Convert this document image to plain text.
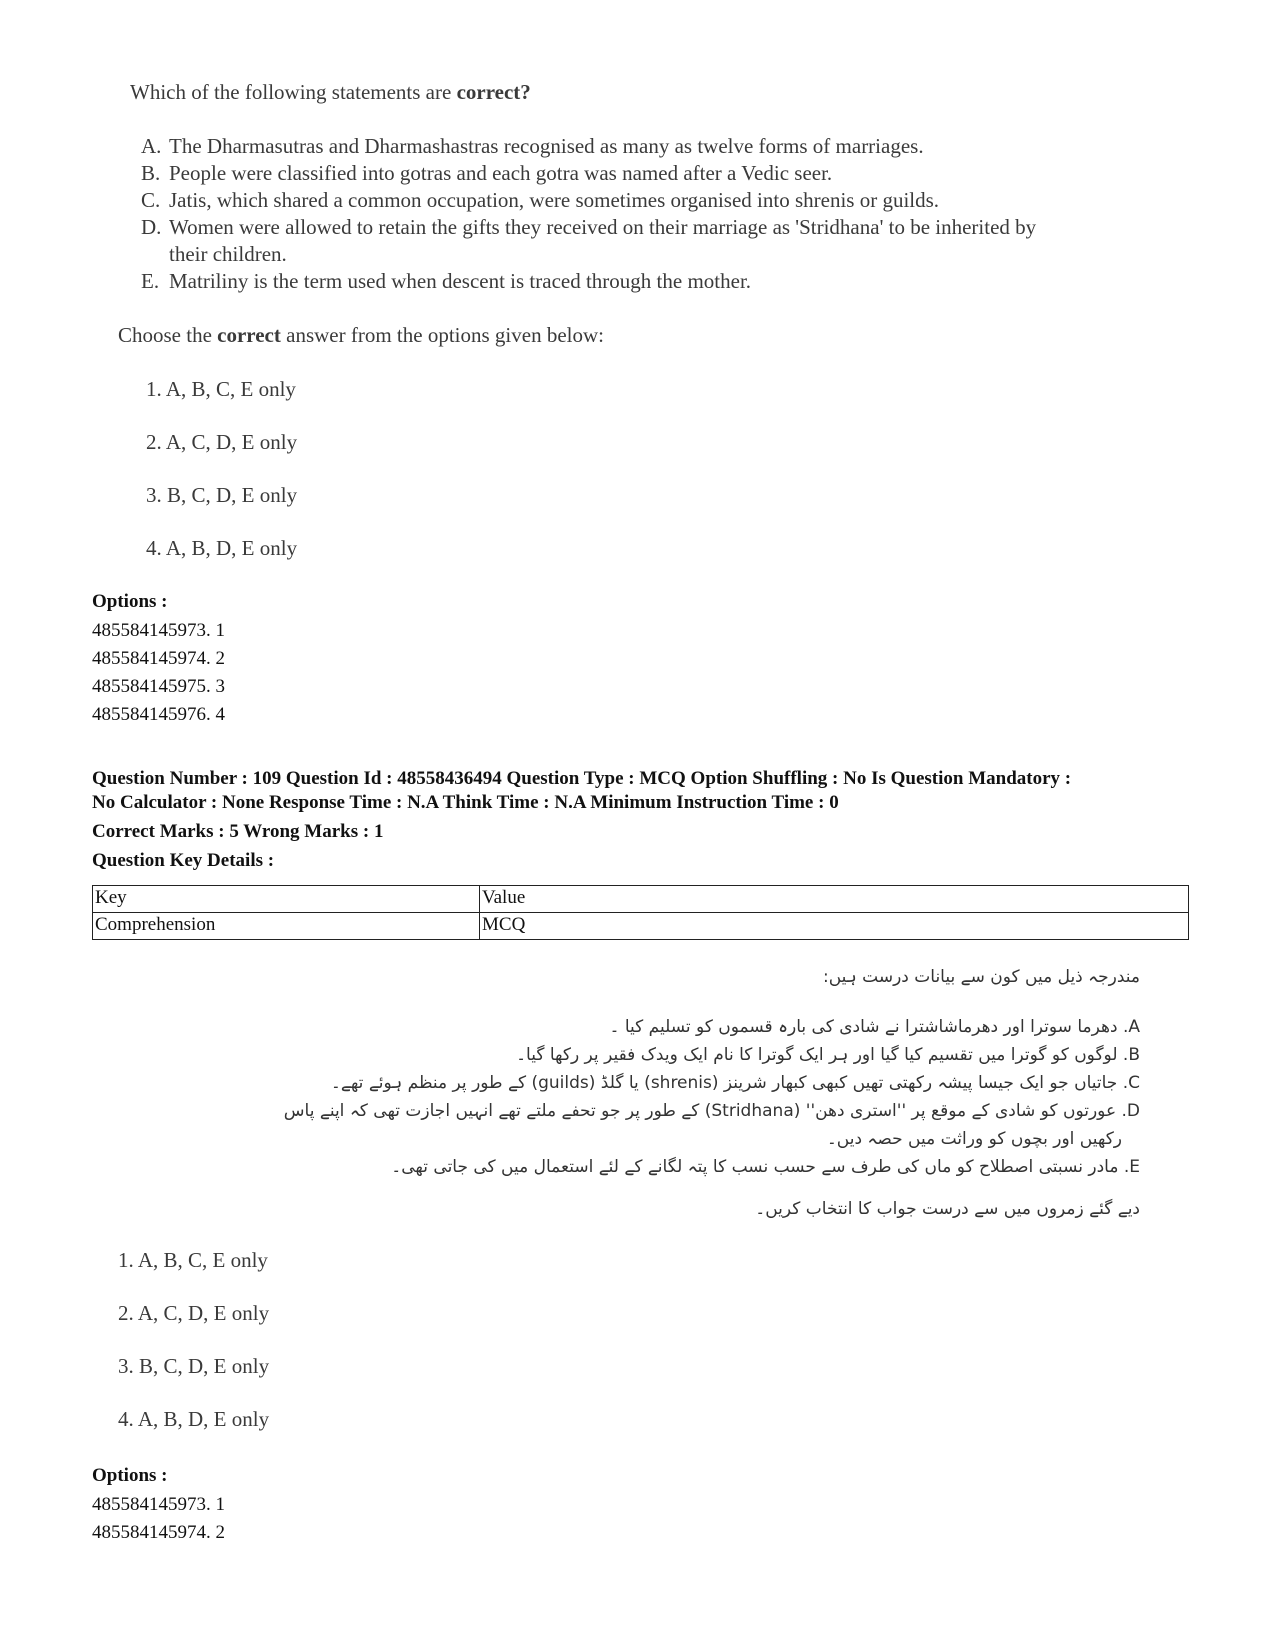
Which of the following statements are correct?
A. The Dharmasutras and Dharmashastras recognised as many as twelve forms of marriages.
B. People were classified into gotras and each gotra was named after a Vedic seer.
C. Jatis, which shared a common occupation, were sometimes organised into shrenis or guilds.
D. Women were allowed to retain the gifts they received on their marriage as 'Stridhana' to be inherited by
their children.
E. Matriliny is the term used when descent is traced through the mother.
Choose the correct answer from the options given below:
1. A, B, C, E only
2. A, C, D, E only
3. B, C, D, E only
4. A, B, D, E only
Options :
485584145973. 1
485584145974. 2
485584145975. 3
485584145976. 4
Question Number : 109 Question Id : 48558436494 Question Type : MCQ Option Shuffling : No Is Question Mandatory :
No Calculator : None Response Time : N.A Think Time : N.A Minimum Instruction Time : 0
Correct Marks : 5 Wrong Marks : 1
Question Key Details :
Key	Value
Comprehension	MCQ
مندرجہ ذیل میں کون سے بیانات درست ہیں:
A. دھرما سوترا اور دھرماشاشترا نے شادی کی بارہ قسموں کو تسلیم کیا ۔
B. لوگوں کو گوترا میں تقسیم کیا گیا اور ہر ایک گوترا کا نام ایک ویدک فقیر پر رکھا گیا۔
C. جاتیاں جو ایک جیسا پیشہ رکھتی تھیں کبھی کبھار شرینز (shrenis) یا گلڈ (guilds) کے طور پر منظم ہوئے تھے۔
D. عورتوں کو شادی کے موقع پر ''استری دھن'' (Stridhana) کے طور پر جو تحفے ملتے تھے انہیں اجازت تھی کہ اپنے پاس
رکھیں اور بچوں کو وراثت میں حصہ دیں۔
E. مادر نسبتی اصطلاح کو ماں کی طرف سے حسب نسب کا پتہ لگانے کے لئے استعمال میں کی جاتی تھی۔
دیے گئے زمروں میں سے درست جواب کا انتخاب کریں۔
1. A, B, C, E only
2. A, C, D, E only
3. B, C, D, E only
4. A, B, D, E only
Options :
485584145973. 1
485584145974. 2
